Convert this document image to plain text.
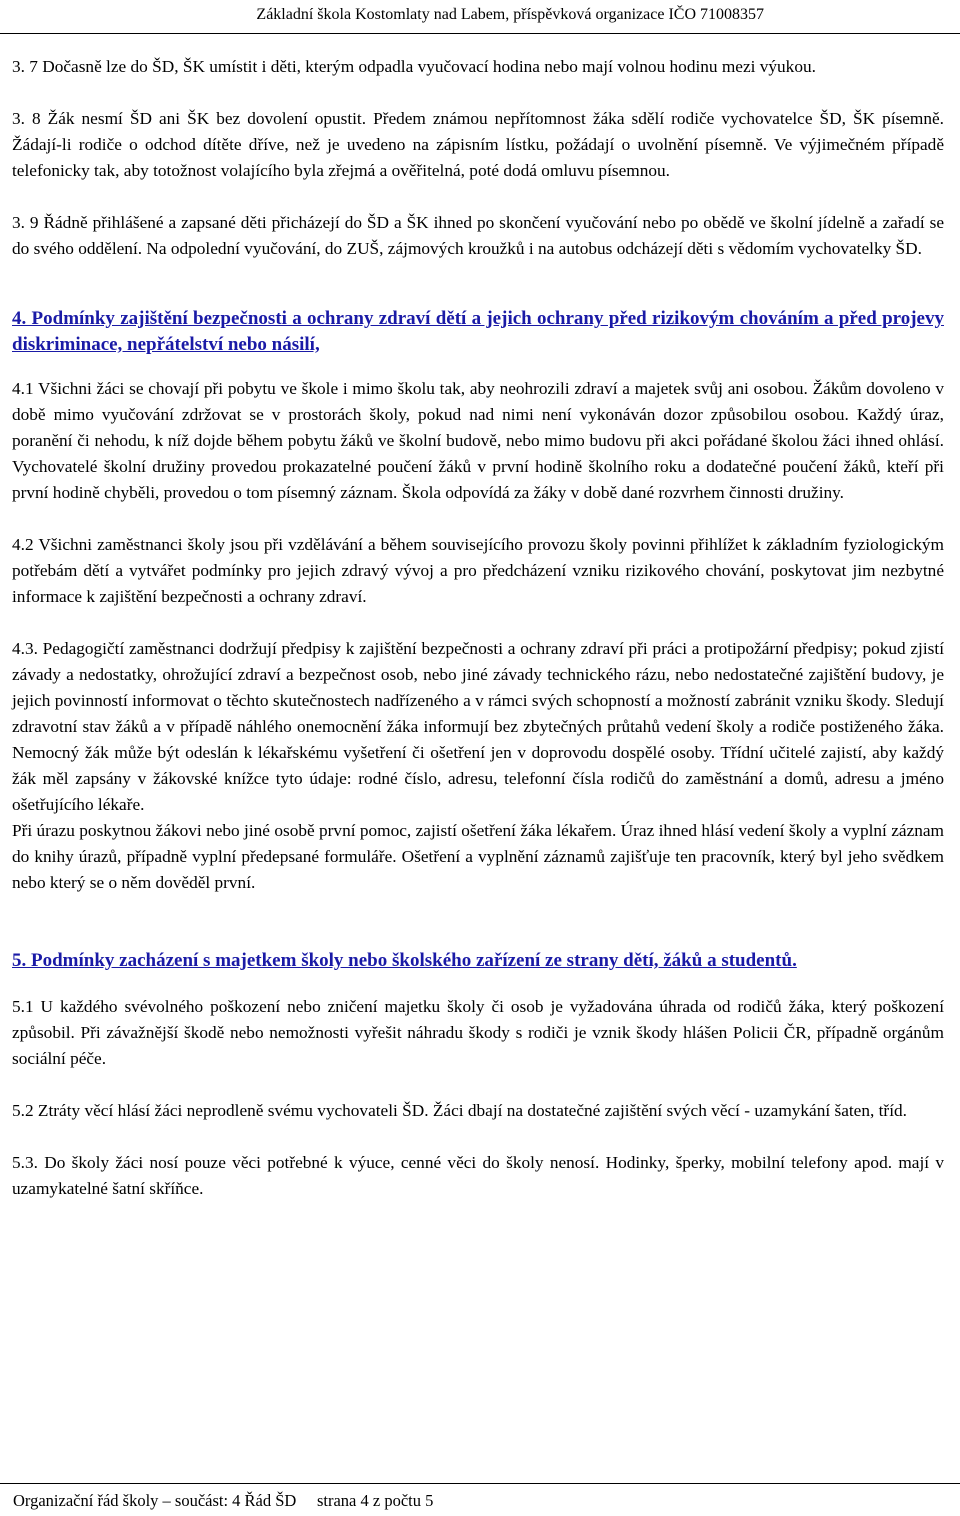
Základní škola Kostomlaty nad Labem, příspěvková organizace IČO 71008357

3. 7 Dočasně lze do ŠD, ŠK umístit i děti, kterým odpadla vyučovací hodina nebo mají volnou hodinu mezi výukou.

3. 8 Žák nesmí ŠD ani ŠK bez dovolení opustit. Předem známou nepřítomnost žáka sdělí rodiče vychovatelce ŠD, ŠK písemně. Žádají-li rodiče o odchod dítěte dříve, než je uvedeno na zápisním lístku, požádají o uvolnění písemně. Ve výjimečném případě telefonicky tak, aby totožnost volajícího byla zřejmá a ověřitelná, poté dodá omluvu písemnou.

3. 9 Řádně přihlášené a zapsané děti přicházejí do ŠD a ŠK ihned po skončení vyučování nebo po obědě ve školní jídelně a zařadí se do svého oddělení. Na odpolední vyučování, do ZUŠ, zájmových kroužků i na autobus odcházejí děti s vědomím vychovatelky ŠD.

4. Podmínky zajištění bezpečnosti a ochrany zdraví dětí a jejich ochrany před rizikovým chováním a před projevy diskriminace, nepřátelství nebo násilí,

4.1 Všichni žáci se chovají při pobytu ve škole i mimo školu tak, aby neohrozili zdraví a majetek svůj ani osobou. Žákům dovoleno v době mimo vyučování zdržovat se v prostorách školy, pokud nad nimi není vykonáván dozor způsobilou osobou. Každý úraz, poranění či nehodu, k níž dojde během pobytu žáků ve školní budově, nebo mimo budovu při akci pořádané školou žáci ihned ohlásí. Vychovatelé školní družiny provedou prokazatelné poučení žáků v první hodině školního roku a dodatečné poučení žáků, kteří při první hodině chyběli, provedou o tom písemný záznam. Škola odpovídá za žáky v době dané rozvrhem činnosti družiny.

4.2 Všichni zaměstnanci školy jsou při vzdělávání a během souvisejícího provozu školy povinni přihlížet k základním fyziologickým potřebám dětí a vytvářet podmínky pro jejich zdravý vývoj a pro předcházení vzniku rizikového chování, poskytovat jim nezbytné informace k zajištění bezpečnosti a ochrany zdraví.

4.3. Pedagogičtí zaměstnanci dodržují předpisy k zajištění bezpečnosti a ochrany zdraví při práci a protipožární předpisy; pokud zjistí závady a nedostatky, ohrožující zdraví a bezpečnost osob, nebo jiné závady technického rázu, nebo nedostatečné zajištění budovy, je jejich povinností informovat o těchto skutečnostech nadřízeného a v rámci svých schopností a možností zabránit vzniku škody. Sledují zdravotní stav žáků a v případě náhlého onemocnění žáka informují bez zbytečných průtahů vedení školy a rodiče postiženého žáka. Nemocný žák může být odeslán k lékařskému vyšetření či ošetření jen v doprovodu dospělé osoby. Třídní učitelé zajistí, aby každý žák měl zapsány v žákovské knížce tyto údaje: rodné číslo, adresu, telefonní čísla rodičů do zaměstnání a domů, adresu a jméno ošetřujícího lékaře.

Při úrazu poskytnou žákovi nebo jiné osobě první pomoc, zajistí ošetření žáka lékařem. Úraz ihned hlásí vedení školy a vyplní záznam do knihy úrazů, případně vyplní předepsané formuláře. Ošetření a vyplnění záznamů zajišťuje ten pracovník, který byl jeho svědkem nebo který se o něm dověděl první.

5. Podmínky zacházení s majetkem školy nebo školského zařízení ze strany dětí, žáků a studentů.

5.1 U každého svévolného poškození nebo zničení majetku školy či osob je vyžadována úhrada od rodičů žáka, který poškození způsobil. Při závažnější škodě nebo nemožnosti vyřešit náhradu škody s rodiči je vznik škody hlášen Policii ČR, případně orgánům sociální péče.

5.2 Ztráty věcí hlásí žáci neprodleně svému vychovateli ŠD. Žáci dbají na dostatečné zajištění svých věcí - uzamykání šaten, tříd.

5.3. Do školy žáci nosí pouze věci potřebné k výuce, cenné věci do školy nenosí. Hodinky, šperky, mobilní telefony apod. mají v uzamykatelné šatní skříňce.

Organizační řád školy – součást: 4 Řád ŠD     strana 4 z počtu 5
